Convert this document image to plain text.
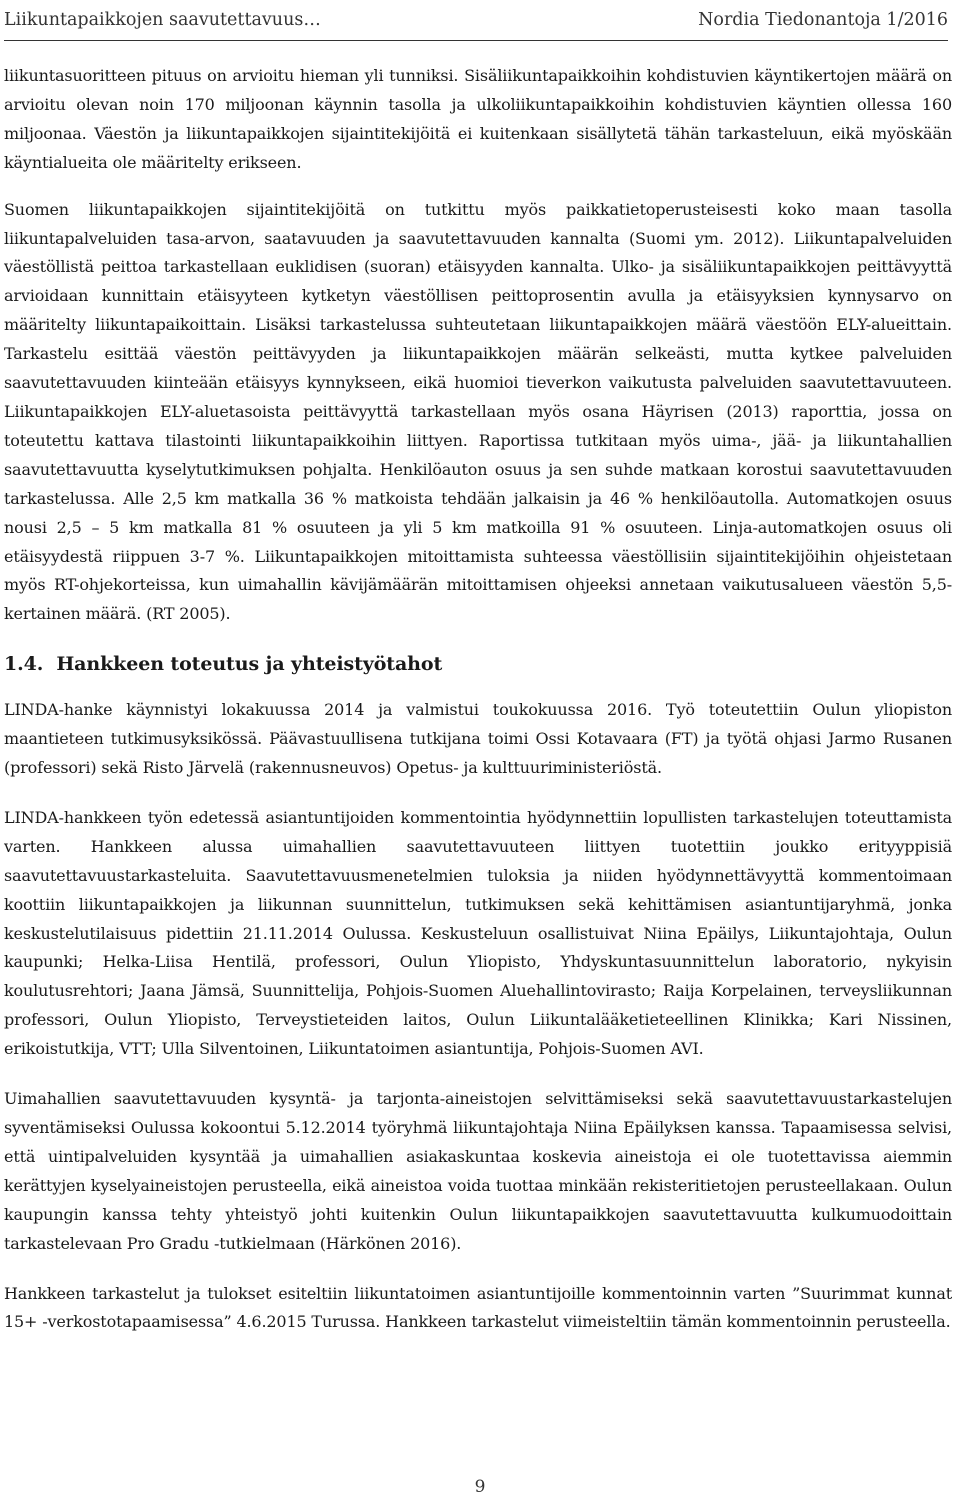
Liikuntapaikkojen saavutettavuus…	Nordia Tiedonantoja 1/2016

liikuntasuoritteen pituus on arvioitu hieman yli tunniksi. Sisäliikuntapaikkoihin kohdistuvien käyntikertojen määrä on arvioitu olevan noin 170 miljoonan käynnin tasolla ja ulkoliikuntapaikkoihin kohdistuvien käyntien ollessa 160 miljoonaa. Väestön ja liikuntapaikkojen sijaintitekijöitä ei kuitenkaan sisällytetä tähän tarkasteluun, eikä myöskään käyntialueita ole määritelty erikseen.

Suomen liikuntapaikkojen sijaintitekijöitä on tutkittu myös paikkatietoperusteisesti koko maan tasolla liikuntapalveluiden tasa-arvon, saatavuuden ja saavutettavuuden kannalta (Suomi ym. 2012). Liikuntapalveluiden väestöllistä peittoa tarkastellaan euklidisen (suoran) etäisyyden kannalta. Ulko- ja sisäliikuntapaikkojen peittävyyttä arvioidaan kunnittain etäisyyteen kytketyn väestöllisen peittoprosentin avulla ja etäisyyksien kynnysarvo on määritelty liikuntapaikoittain. Lisäksi tarkastelussa suhteutetaan liikuntapaikkojen määrä väestöön ELY-alueittain. Tarkastelu esittää väestön peittävyyden ja liikuntapaikkojen määrän selkeästi, mutta kytkee palveluiden saavutettavuuden kiinteään etäisyys kynnykseen, eikä huomioi tieverkon vaikutusta palveluiden saavutettavuuteen. Liikuntapaikkojen ELY-aluetasoista peittävyyttä tarkastellaan myös osana Häyrisen (2013) raporttia, jossa on toteutettu kattava tilastointi liikuntapaikkoihin liittyen. Raportissa tutkitaan myös uima-, jää- ja liikuntahallien saavutettavuutta kyselytutkimuksen pohjalta. Henkilöauton osuus ja sen suhde matkaan korostui saavutettavuuden tarkastelussa. Alle 2,5 km matkalla 36 % matkoista tehdään jalkaisin ja 46 % henkilöautolla. Automatkojen osuus nousi 2,5 – 5 km matkalla 81 % osuuteen ja yli 5 km matkoilla 91 % osuuteen. Linja-automatkojen osuus oli etäisyydestä riippuen 3-7 %. Liikuntapaikkojen mitoittamista suhteessa väestöllisiin sijaintitekijöihin ohjeistetaan myös RT-ohjekorteissa, kun uimahallin kävijämäärän mitoittamisen ohjeeksi annetaan vaikutusalueen väestön 5,5-kertainen määrä. (RT 2005).

1.4. Hankkeen toteutus ja yhteistyötahot

LINDA-hanke käynnistyi lokakuussa 2014 ja valmistui toukokuussa 2016. Työ toteutettiin Oulun yliopiston maantieteen tutkimusyksikössä. Päävastuullisena tutkijana toimi Ossi Kotavaara (FT) ja työtä ohjasi Jarmo Rusanen (professori) sekä Risto Järvelä (rakennusneuvos) Opetus- ja kulttuuriministeriöstä.

LINDA-hankkeen työn edetessä asiantuntijoiden kommentointia hyödynnettiin lopullisten tarkastelujen toteuttamista varten. Hankkeen alussa uimahallien saavutettavuuteen liittyen tuotettiin joukko erityyppisiä saavutettavuustarkasteluita. Saavutettavuusmenetelmien tuloksia ja niiden hyödynnettävyyttä kommentoimaan koottiin liikuntapaikkojen ja liikunnan suunnittelun, tutkimuksen sekä kehittämisen asiantuntijaryhmä, jonka keskustelutilaisuus pidettiin 21.11.2014 Oulussa. Keskusteluun osallistuivat Niina Epäilys, Liikuntajohtaja, Oulun kaupunki; Helka-Liisa Hentilä, professori, Oulun Yliopisto, Yhdyskuntasuunnittelun laboratorio, nykyisin koulutusrehtori; Jaana Jämsä, Suunnittelija, Pohjois-Suomen Aluehallintovirasto; Raija Korpelainen, terveysliikunnan professori, Oulun Yliopisto, Terveystieteiden laitos, Oulun Liikuntalääketieteellinen Klinikka; Kari Nissinen, erikoistutkija, VTT; Ulla Silventoinen, Liikuntatoimen asiantuntija, Pohjois-Suomen AVI.

Uimahallien saavutettavuuden kysyntä- ja tarjonta-aineistojen selvittämiseksi sekä saavutettavuustarkastelujen syventämiseksi Oulussa kokoontui 5.12.2014 työryhmä liikuntajohtaja Niina Epäilyksen kanssa. Tapaamisessa selvisi, että uintipalveluiden kysyntää ja uimahallien asiakaskuntaa koskevia aineistoja ei ole tuotettavissa aiemmin kerättyjen kyselyaineistojen perusteella, eikä aineistoa voida tuottaa minkään rekisteritietojen perusteellakaan. Oulun kaupungin kanssa tehty yhteistyö johti kuitenkin Oulun liikuntapaikkojen saavutettavuutta kulkumuodoittain tarkastelevaan Pro Gradu -tutkielmaan (Härkönen 2016).

Hankkeen tarkastelut ja tulokset esiteltiin liikuntatoimen asiantuntijoille kommentoinnin varten ”Suurimmat kunnat 15+ -verkostotapaamisessa” 4.6.2015 Turussa. Hankkeen tarkastelut viimeisteltiin tämän kommentoinnin perusteella.

9
